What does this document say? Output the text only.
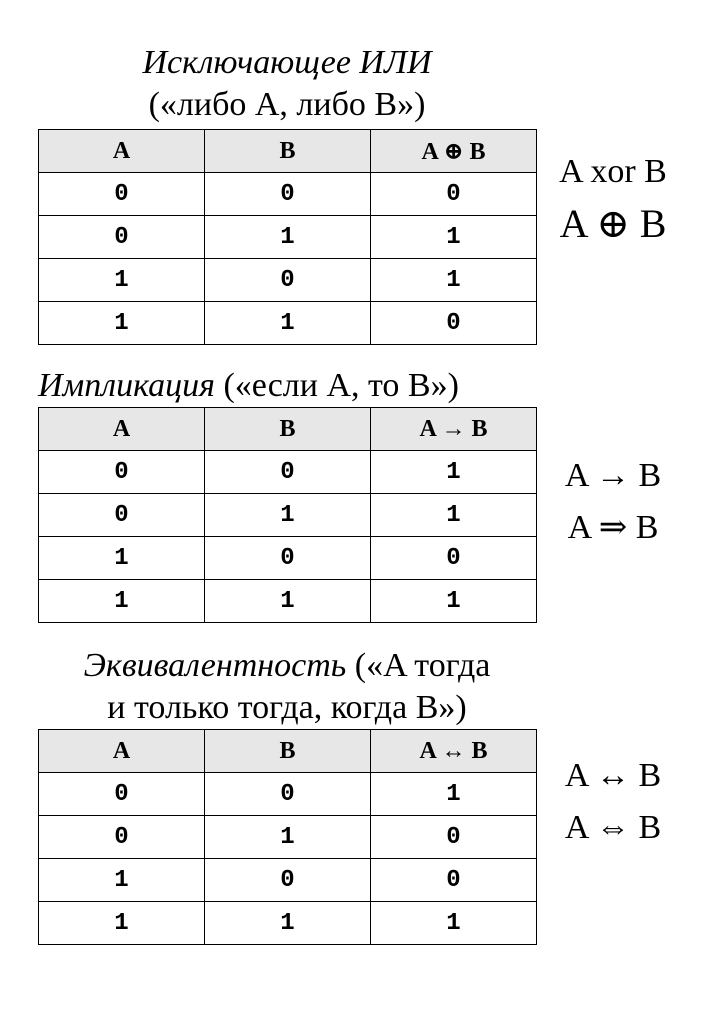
Исключающее ИЛИ
(«либо A, либо B»)
A	B	A ⊕ B
0	0	0
0	1	1
1	0	1
1	1	0
A xor B
A ⊕ B
Импликация («если A, то B»)
A	B	A → B
0	0	1
0	1	1
1	0	0
1	1	1
A → B
A ⇒ B
Эквивалентность («A тогда
и только тогда, когда B»)
A	B	A ↔ B
0	0	1
0	1	0
1	0	0
1	1	1
A ↔ B
A ⇔ B
